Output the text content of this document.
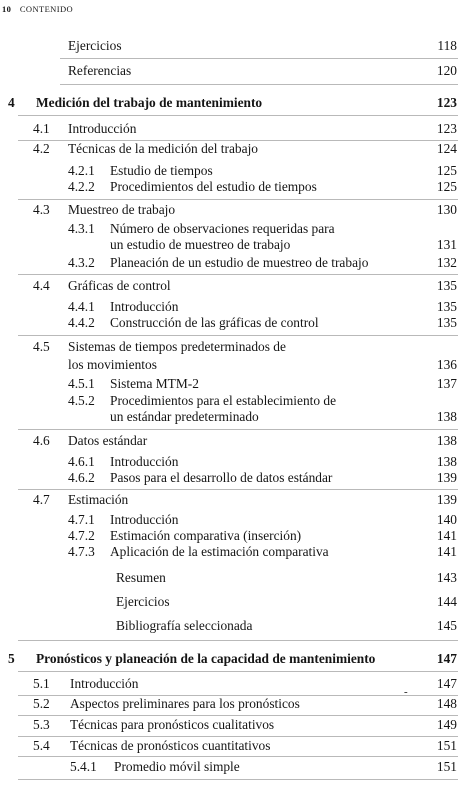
10 CONTENIDO
Ejercicios	118
Referencias	120
4 Medición del trabajo de mantenimiento	123
4.1 Introducción	123
4.2 Técnicas de la medición del trabajo	124
4.2.1 Estudio de tiempos	125
4.2.2 Procedimientos del estudio de tiempos	125
4.3 Muestreo de trabajo	130
4.3.1 Número de observaciones requeridas para
un estudio de muestreo de trabajo	131
4.3.2 Planeación de un estudio de muestreo de trabajo	132
4.4 Gráficas de control	135
4.4.1 Introducción	135
4.4.2 Construcción de las gráficas de control	135
4.5 Sistemas de tiempos predeterminados de
los movimientos	136
4.5.1 Sistema MTM-2	137
4.5.2 Procedimientos para el establecimiento de
un estándar predeterminado	138
4.6 Datos estándar	138
4.6.1 Introducción	138
4.6.2 Pasos para el desarrollo de datos estándar	139
4.7 Estimación	139
4.7.1 Introducción	140
4.7.2 Estimación comparativa (inserción)	141
4.7.3 Aplicación de la estimación comparativa	141
Resumen	143
Ejercicios	144
Bibliografía seleccionada	145
5 Pronósticos y planeación de la capacidad de mantenimiento	147
5.1 Introducción	147
-
5.2 Aspectos preliminares para los pronósticos	148
5.3 Técnicas para pronósticos cualitativos	149
5.4 Técnicas de pronósticos cuantitativos	151
5.4.1 Promedio móvil simple	151
